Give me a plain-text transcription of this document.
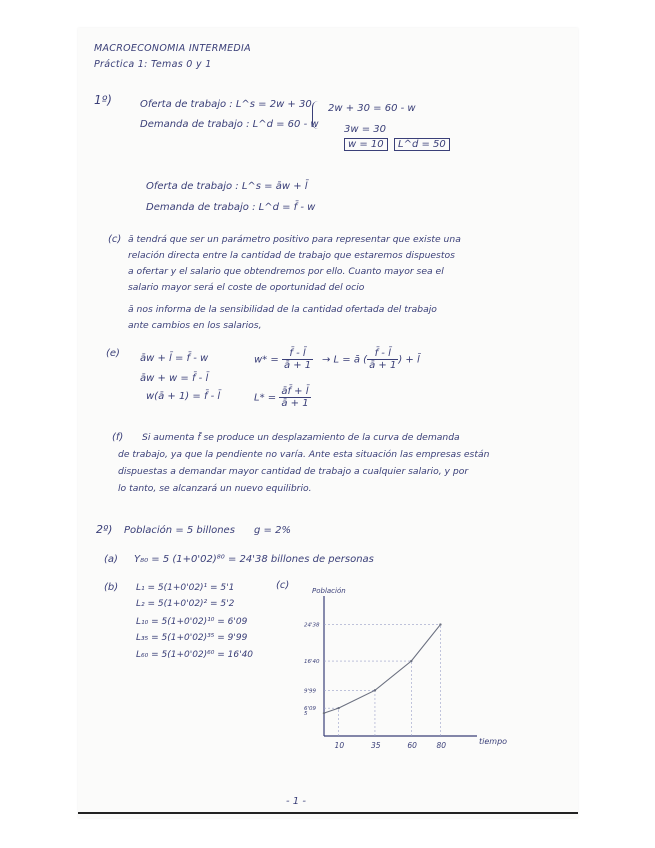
MACROECONOMIA INTERMEDIA
Práctica 1: Temas 0 y 1
1º)	Oferta de trabajo : L^s = 2w + 30
Demanda de trabajo : L^d = 60 - w
2w + 30 = 60 - w
3w = 30
w = 10	L^d = 50
Oferta de trabajo : L^s = āw + l̄
Demanda de trabajo : L^d = f̄ - w
(c) ā tendrá que ser un parámetro positivo para representar que existe una
relación directa entre la cantidad de trabajo que estaremos dispuestos
a ofertar y el salario que obtendremos por ello. Cuanto mayor sea el
salario mayor será el coste de oportunidad del ocio
ā nos informa de la sensibilidad de la cantidad ofertada del trabajo
ante cambios en los salarios,
(e) āw + l̄ = f̄ - w
āw + w = f̄ - l̄
w(ā + 1) = f̄ - l̄
$w* = \frac{f̄ - l̄}{ā + 1} \to L$ = ā ( $\frac{f̄ - l̄}{ā + 1}$ ) + l̄
$L* = \frac{āf̄ + l̄}{ā + 1}$
(f) Si aumenta f̄ se produce un desplazamiento de la curva de demanda
de trabajo, ya que la pendiente no varía. Ante esta situación las empresas están
dispuestas a demandar mayor cantidad de trabajo a cualquier salario, y por
lo tanto, se alcanzará un nuevo equilibrio.
2º) Población = 5 billones g = 2%
(a) Y₈₀ = 5 (1+0'02)⁸⁰ = 24'38 billones de personas
(b) L₁ = 5(1+0'02)¹ = 5'1
L₂ = 5(1+0'02)² = 5'2
L₁₀ = 5(1+0'02)¹⁰ = 6'09
L₃₅ = 5(1+0'02)³⁵ = 9'99
L₆₀ = 5(1+0'02)⁶⁰ = 16'40
(c)	Población
tiempo
10	35	60	80
5
6'09
9'99
16'40
24'38
- 1 -
